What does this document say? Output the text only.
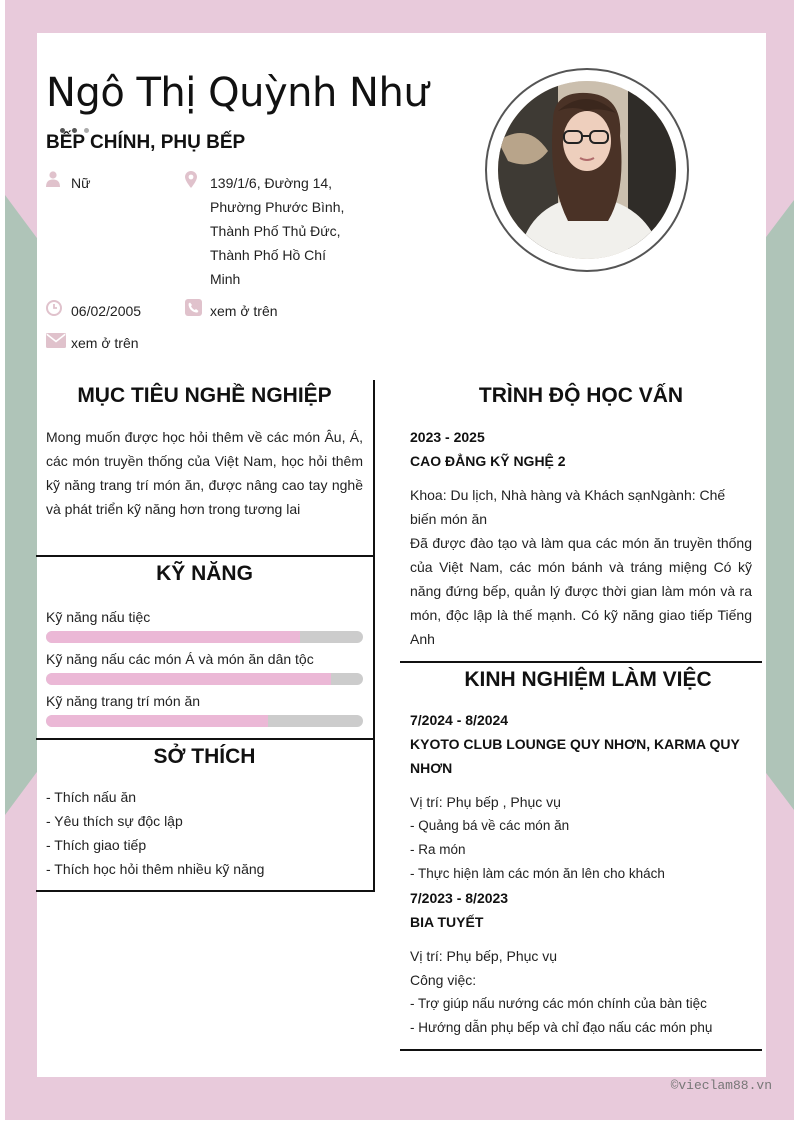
Ngô Thị Quỳnh Như
BẾP CHÍNH, PHỤ BẾP
Nữ	139/1/6, Đường 14,
Phường Phước Bình,
Thành Phố Thủ Đức,
Thành Phố Hồ Chí
Minh
06/02/2005	xem ở trên
xem ở trên
MỤC TIÊU NGHỀ NGHIỆP

Mong muốn được học hỏi thêm về các món Âu, Á, các món truyền thống của Việt Nam, học hỏi thêm kỹ năng trang trí món ăn, được nâng cao tay nghề và phát triển kỹ năng hơn trong tương lai

KỸ NĂNG
Kỹ năng nấu tiệc
Kỹ năng nấu các món Á và món ăn dân tộc
Kỹ năng trang trí món ăn
SỞ THÍCH
- Thích nấu ăn
- Yêu thích sự độc lập
- Thích giao tiếp
- Thích học hỏi thêm nhiều kỹ năng
TRÌNH ĐỘ HỌC VẤN
2023 - 2025
CAO ĐẲNG KỸ NGHỆ 2

Khoa: Du lịch, Nhà hàng và Khách sạnNgành: Chế biến món ăn

Đã được đào tạo và làm qua các món ăn truyền thống của Việt Nam, các món bánh và tráng miệng Có kỹ năng đứng bếp, quản lý được thời gian làm món và ra món, độc lập là thế mạnh. Có kỹ năng giao tiếp Tiếng Anh

KINH NGHIỆM LÀM VIỆC
7/2024 - 8/2024
KYOTO CLUB LOUNGE QUY NHƠN, KARMA QUY NHƠN
Vị trí: Phụ bếp , Phục vụ
- Quảng bá về các món ăn
- Ra món
- Thực hiện làm các món ăn lên cho khách
7/2023 - 8/2023
BIA TUYẾT
Vị trí: Phụ bếp, Phục vụ
Công việc:
- Trợ giúp nấu nướng các món chính của bàn tiệc
- Hướng dẫn phụ bếp và chỉ đạo nấu các món phụ
©vieclam88.vn
